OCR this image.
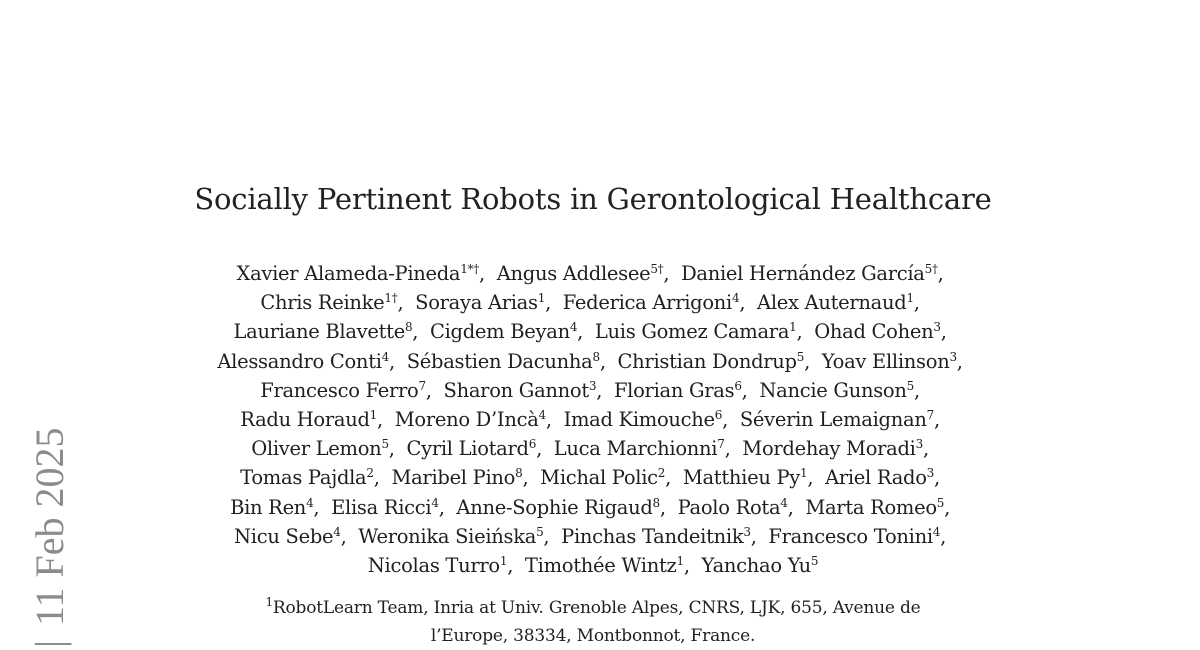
Socially Pertinent Robots in Gerontological Healthcare
Xavier Alameda-Pineda$^{1*\dagger}$,  Angus Addlesee$^{5\dagger}$,  Daniel Hernández García$^{5\dagger}$,
Chris Reinke$^{1\dagger}$,  Soraya Arias$^1$,  Federica Arrigoni$^4$,  Alex Auternaud$^1$,
Lauriane Blavette$^8$,  Cigdem Beyan$^4$,  Luis Gomez Camara$^1$,  Ohad Cohen$^3$,
Alessandro Conti$^4$,  Sébastien Dacunha$^8$,  Christian Dondrup$^5$,  Yoav Ellinson$^3$,
Francesco Ferro$^7$,  Sharon Gannot$^3$,  Florian Gras$^6$,  Nancie Gunson$^5$,
Radu Horaud$^1$,  Moreno D’Incà$^4$,  Imad Kimouche$^6$,  Séverin Lemaignan$^7$,
Oliver Lemon$^5$,  Cyril Liotard$^6$,  Luca Marchionni$^7$,  Mordehay Moradi$^3$,
Tomas Pajdla$^2$,  Maribel Pino$^8$,  Michal Polic$^2$,  Matthieu Py$^1$,  Ariel Rado$^3$,
Bin Ren$^4$,  Elisa Ricci$^4$,  Anne-Sophie Rigaud$^8$,  Paolo Rota$^4$,  Marta Romeo$^5$,
Nicu Sebe$^4$,  Weronika Sieińska$^5$,  Pinchas Tandeitnik$^3$,  Francesco Tonini$^4$,
Nicolas Turro$^1$,  Timothée Wintz$^1$,  Yanchao Yu$^5$
$^1$RobotLearn Team, Inria at Univ. Grenoble Alpes, CNRS, LJK, 655, Avenue de
l’Europe, 38334, Montbonnot, France.
|11 Feb 2025
